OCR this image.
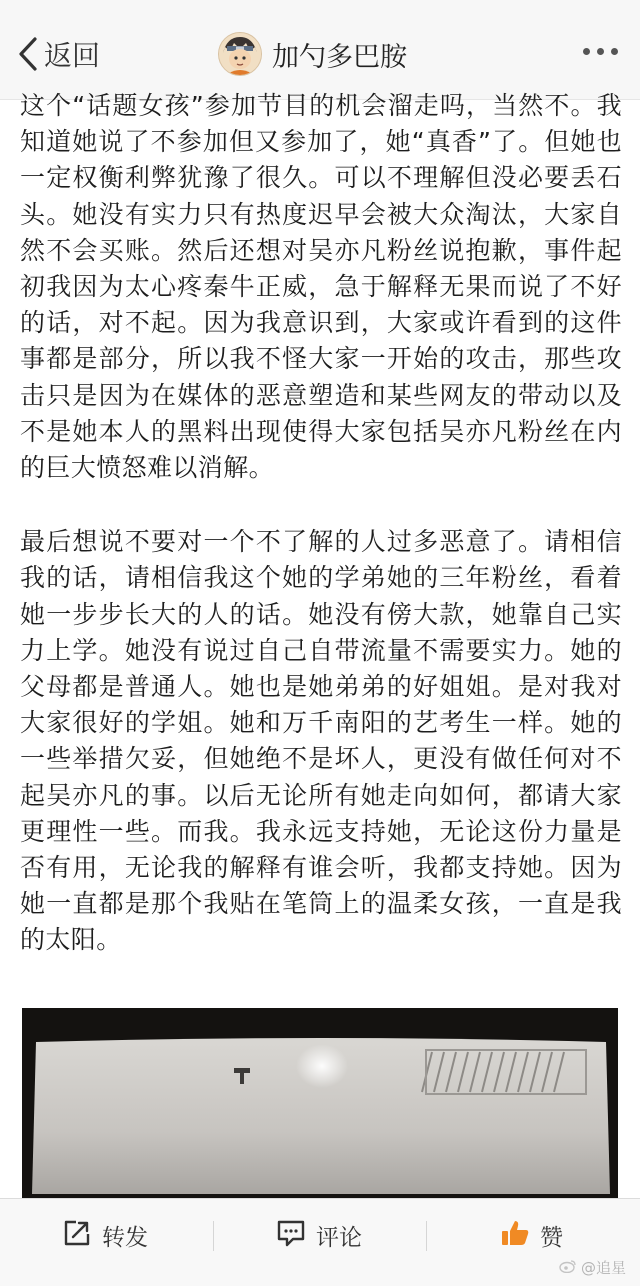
返回	加勺多巴胺

这个“话题女孩”参加节目的机会溜走吗，当然不。我知道她说了不参加但又参加了，她“真香”了。但她也一定权衡利弊犹豫了很久。可以不理解但没必要丢石头。她没有实力只有热度迟早会被大众淘汰，大家自然不会买账。然后还想对吴亦凡粉丝说抱歉，事件起初我因为太心疼秦牛正威，急于解释无果而说了不好的话，对不起。因为我意识到，大家或许看到的这件事都是部分，所以我不怪大家一开始的攻击，那些攻击只是因为在媒体的恶意塑造和某些网友的带动以及不是她本人的黑料出现使得大家包括吴亦凡粉丝在内的巨大愤怒难以消解。

最后想说不要对一个不了解的人过多恶意了。请相信我的话，请相信我这个她的学弟她的三年粉丝，看着她一步步长大的人的话。她没有傍大款，她靠自己实力上学。她没有说过自己自带流量不需要实力。她的父母都是普通人。她也是她弟弟的好姐姐。是对我对大家很好的学姐。她和万千南阳的艺考生一样。她的一些举措欠妥，但她绝不是坏人，更没有做任何对不起吴亦凡的事。以后无论所有她走向如何，都请大家更理性一些。而我。我永远支持她，无论这份力量是否有用，无论我的解释有谁会听，我都支持她。因为她一直都是那个我贴在笔筒上的温柔女孩，一直是我的太阳。

转发	评论	赞
@追星
